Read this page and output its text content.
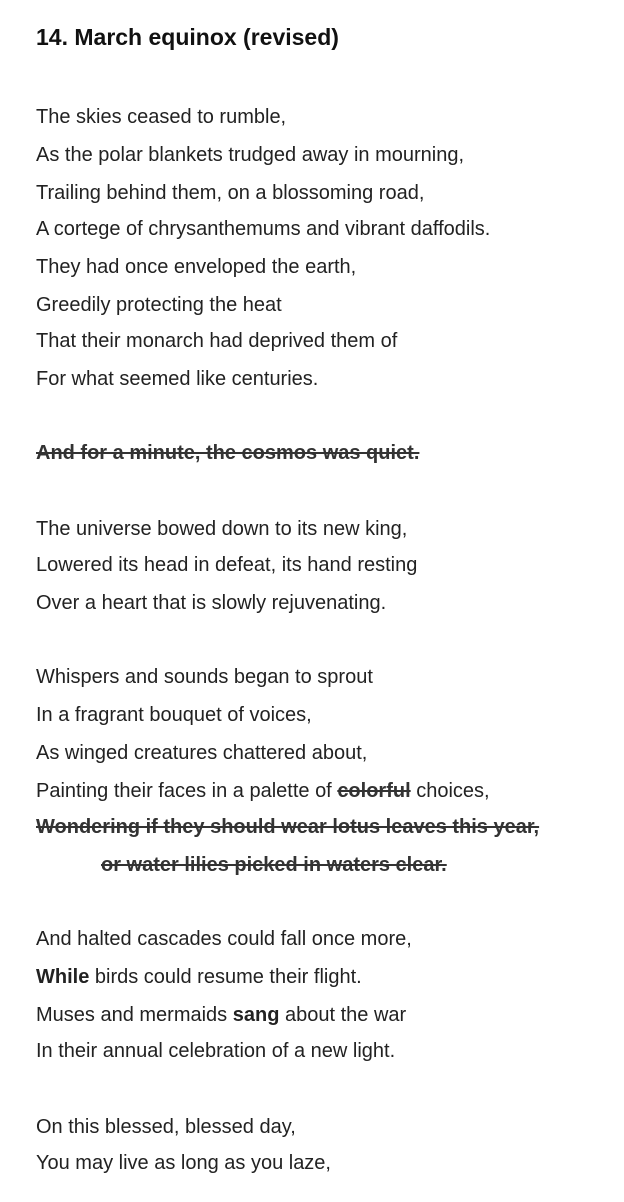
14. March equinox (revised)
The skies ceased to rumble,
As the polar blankets trudged away in mourning,
Trailing behind them, on a blossoming road,
A cortege of chrysanthemums and vibrant daffodils.
They had once enveloped the earth,
Greedily protecting the heat
That their monarch had deprived them of
For what seemed like centuries.
And for a minute, the cosmos was quiet.
The universe bowed down to its new king,
Lowered its head in defeat, its hand resting
Over a heart that is slowly rejuvenating.
Whispers and sounds began to sprout
In a fragrant bouquet of voices,
As winged creatures chattered about,
Painting their faces in a palette of colorful choices,
Wondering if they should wear lotus leaves this year,
or water lilies picked in waters clear.
And halted cascades could fall once more,
While birds could resume their flight.
Muses and mermaids sang about the war
In their annual celebration of a new light.
On this blessed, blessed day,
You may live as long as you laze,
